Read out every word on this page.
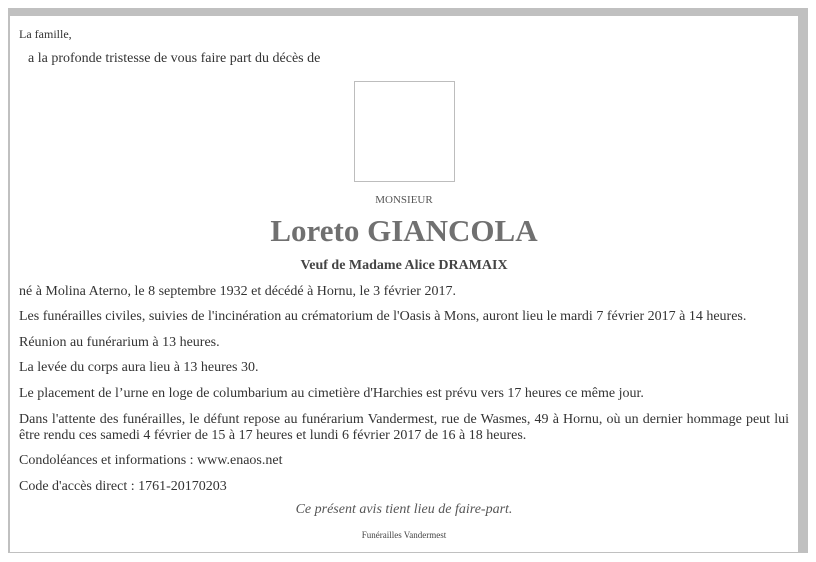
La famille,
a la profonde tristesse de vous faire part du décès de
MONSIEUR
Loreto GIANCOLA
Veuf de Madame Alice DRAMAIX
né à Molina Aterno, le 8 septembre 1932 et décédé à Hornu, le 3 février 2017.
Les funérailles civiles, suivies de l'incinération au crématorium de l'Oasis à Mons, auront lieu le mardi 7 février 2017 à 14 heures.
Réunion au funérarium à 13 heures.
La levée du corps aura lieu à 13 heures 30.
Le placement de l’urne en loge de columbarium au cimetière d'Harchies est prévu vers 17 heures ce même jour.
Dans l'attente des funérailles, le défunt repose au funérarium Vandermest, rue de Wasmes, 49 à Hornu, où un dernier hommage peut lui être rendu ces samedi 4 février de 15 à 17 heures et lundi 6 février 2017 de 16 à 18 heures.
Condoléances et informations : www.enaos.net
Code d'accès direct : 1761-20170203
Ce présent avis tient lieu de faire-part.
Funérailles Vandermest
